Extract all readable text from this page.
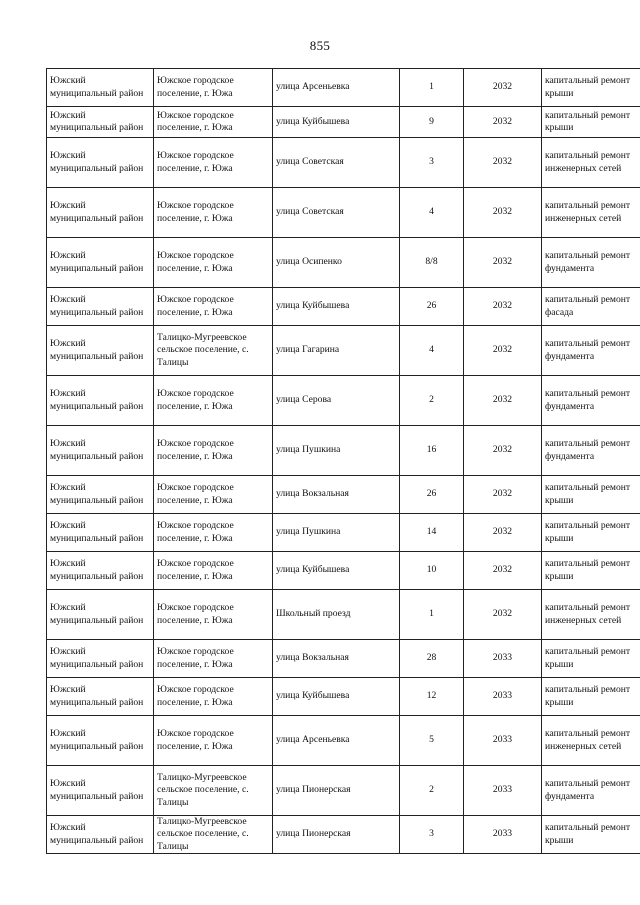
855
Южский муниципальный район	Южское городское поселение, г. Южа	улица Арсеньевка	1	2032	капитальный ремонт крыши
Южский муниципальный район	Южское городское поселение, г. Южа	улица Куйбышева	9	2032	капитальный ремонт крыши
Южский муниципальный район	Южское городское поселение, г. Южа	улица Советская	3	2032	капитальный ремонт инженерных сетей
Южский муниципальный район	Южское городское поселение, г. Южа	улица Советская	4	2032	капитальный ремонт инженерных сетей
Южский муниципальный район	Южское городское поселение, г. Южа	улица Осипенко	8/8	2032	капитальный ремонт фундамента
Южский муниципальный район	Южское городское поселение, г. Южа	улица Куйбышева	26	2032	капитальный ремонт фасада
Южский муниципальный район	Талицко-Мугреевское сельское поселение, с. Талицы	улица Гагарина	4	2032	капитальный ремонт фундамента
Южский муниципальный район	Южское городское поселение, г. Южа	улица Серова	2	2032	капитальный ремонт фундамента
Южский муниципальный район	Южское городское поселение, г. Южа	улица Пушкина	16	2032	капитальный ремонт фундамента
Южский муниципальный район	Южское городское поселение, г. Южа	улица Вокзальная	26	2032	капитальный ремонт крыши
Южский муниципальный район	Южское городское поселение, г. Южа	улица Пушкина	14	2032	капитальный ремонт крыши
Южский муниципальный район	Южское городское поселение, г. Южа	улица Куйбышева	10	2032	капитальный ремонт крыши
Южский муниципальный район	Южское городское поселение, г. Южа	Школьный проезд	1	2032	капитальный ремонт инженерных сетей
Южский муниципальный район	Южское городское поселение, г. Южа	улица Вокзальная	28	2033	капитальный ремонт крыши
Южский муниципальный район	Южское городское поселение, г. Южа	улица Куйбышева	12	2033	капитальный ремонт крыши
Южский муниципальный район	Южское городское поселение, г. Южа	улица Арсеньевка	5	2033	капитальный ремонт инженерных сетей
Южский муниципальный район	Талицко-Мугреевское сельское поселение, с. Талицы	улица Пионерская	2	2033	капитальный ремонт фундамента
Южский муниципальный район	Талицко-Мугреевское сельское поселение, с. Талицы	улица Пионерская	3	2033	капитальный ремонт крыши
